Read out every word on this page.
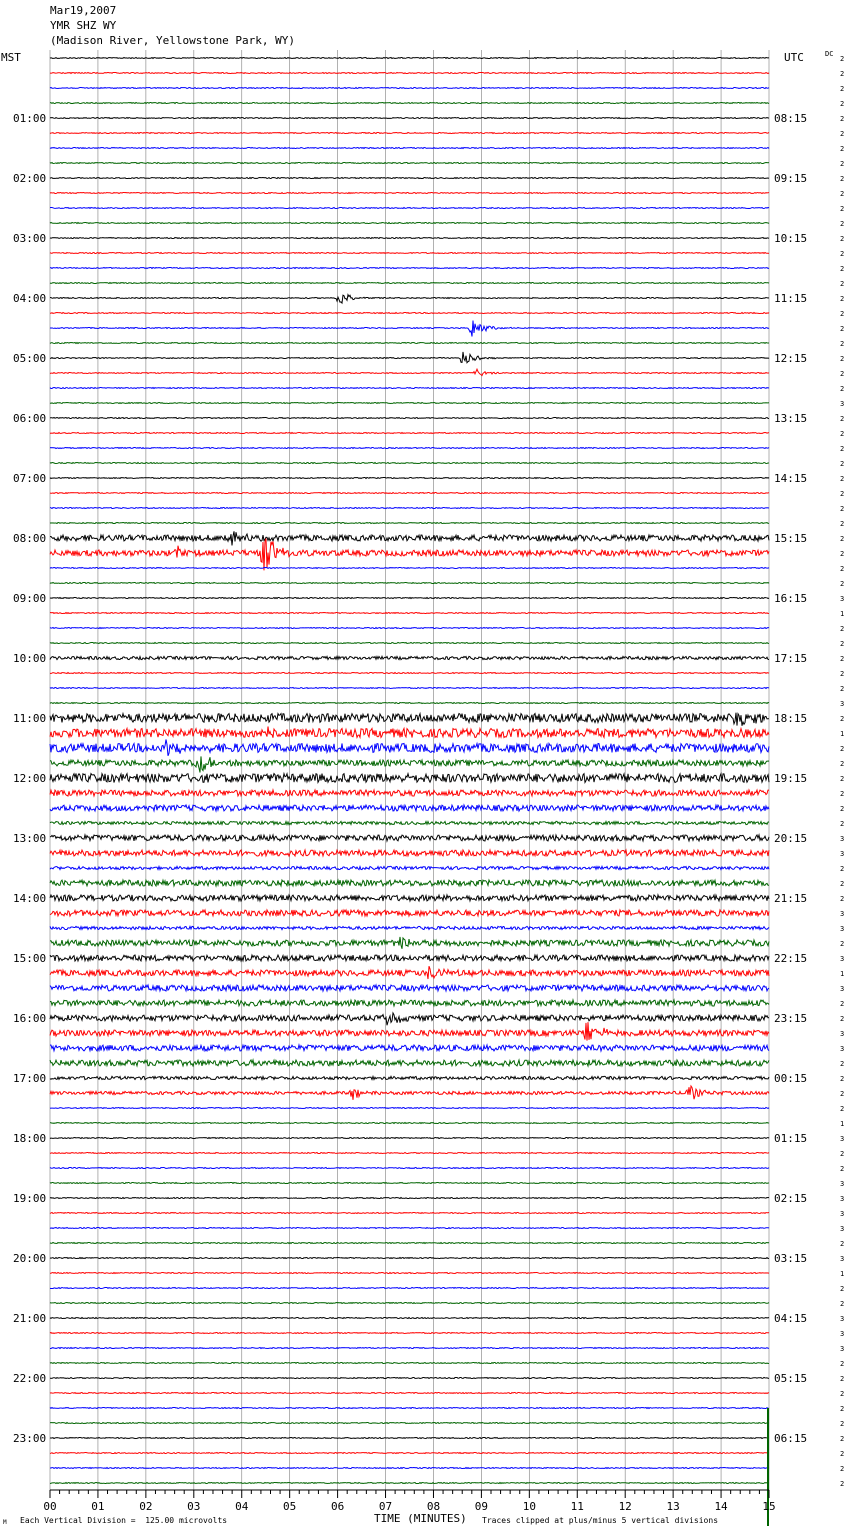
Mar19,2007
YMR SHZ WY
(Madison River, Yellowstone Park, WY)
MST	UTC	DC
2
2
2
2
2
2
2
2
2
2
2
2
2
2
2
2
2
2
2
2
2
2
2
3
2
2
2
2
2
2
2
2
2
2
2
2
3
1
2
2
2
2
2
3
2
1
2
2
2
2
2
2
3
3
2
2
2
3
3
2
3
1
3
2
2
3
3
2
2
2
2
1
3
2
2
3
3
3
3
2
3
1
2
2
3
3
3
2
2
2
2
2
2
2
2
2
01:00
02:00
03:00
04:00
05:00
06:00
07:00
08:00
09:00
10:00
11:00
12:00
13:00
14:00
15:00
16:00
17:00
18:00
19:00
20:00
21:00
22:00
23:00
08:15
09:15
10:15
11:15
12:15
13:15
14:15
15:15
16:15
17:15
18:15
19:15
20:15
21:15
22:15
23:15
00:15
01:15
02:15
03:15
04:15
05:15
06:15
00	01	02	03	04	05	06	07	08	09	10	11	12	13	14	15
TIME (MINUTES)
M Each Vertical Division =  125.00 microvolts	Traces clipped at plus/minus 5 vertical divisions
